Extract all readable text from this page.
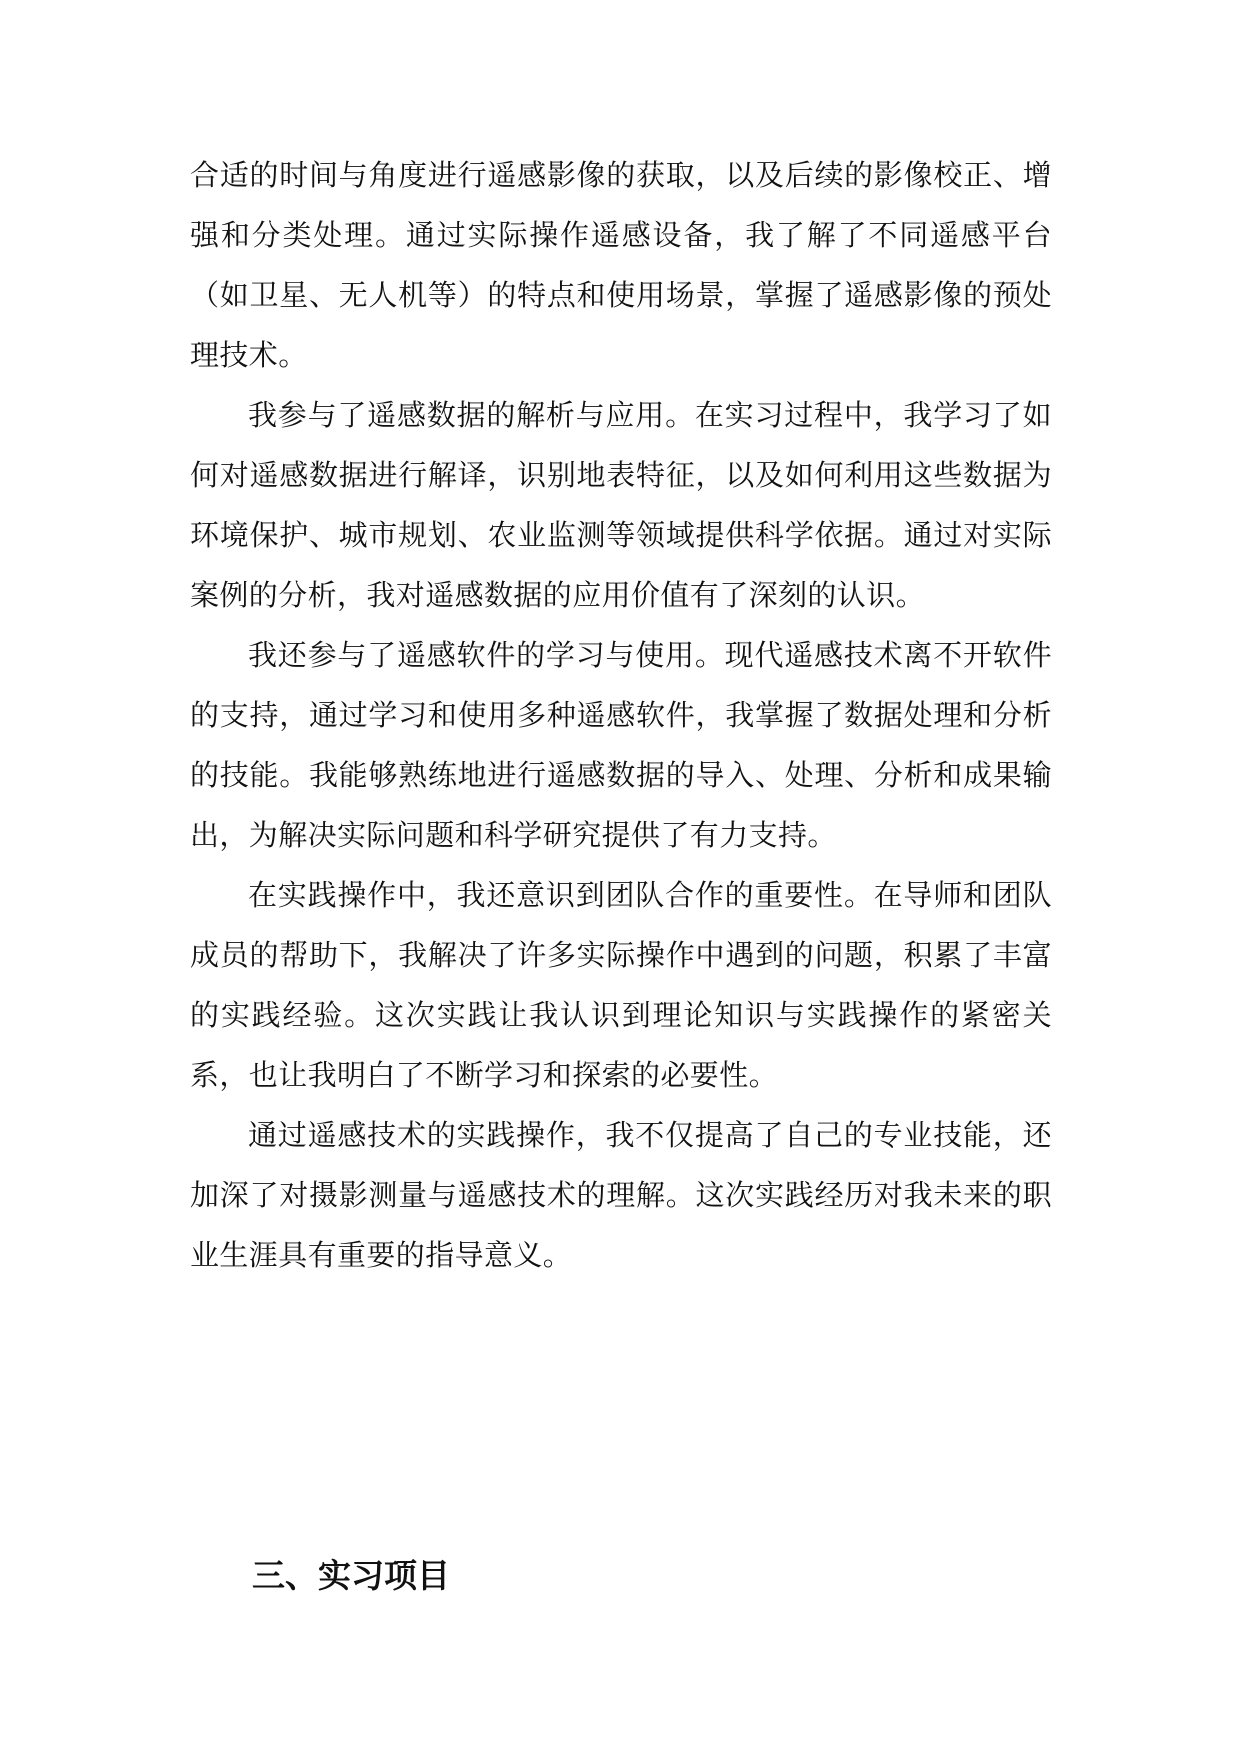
合适的时间与角度进行遥感影像的获取，以及后续的影像校正、增强和分类处理。通过实际操作遥感设备，我了解了不同遥感平台（如卫星、无人机等）的特点和使用场景，掌握了遥感影像的预处理技术。

我参与了遥感数据的解析与应用。在实习过程中，我学习了如何对遥感数据进行解译，识别地表特征，以及如何利用这些数据为环境保护、城市规划、农业监测等领域提供科学依据。通过对实际案例的分析，我对遥感数据的应用价值有了深刻的认识。

我还参与了遥感软件的学习与使用。现代遥感技术离不开软件的支持，通过学习和使用多种遥感软件，我掌握了数据处理和分析的技能。我能够熟练地进行遥感数据的导入、处理、分析和成果输出，为解决实际问题和科学研究提供了有力支持。

在实践操作中，我还意识到团队合作的重要性。在导师和团队成员的帮助下，我解决了许多实际操作中遇到的问题，积累了丰富的实践经验。这次实践让我认识到理论知识与实践操作的紧密关系，也让我明白了不断学习和探索的必要性。

通过遥感技术的实践操作，我不仅提高了自己的专业技能，还加深了对摄影测量与遥感技术的理解。这次实践经历对我未来的职业生涯具有重要的指导意义。

三、实习项目
